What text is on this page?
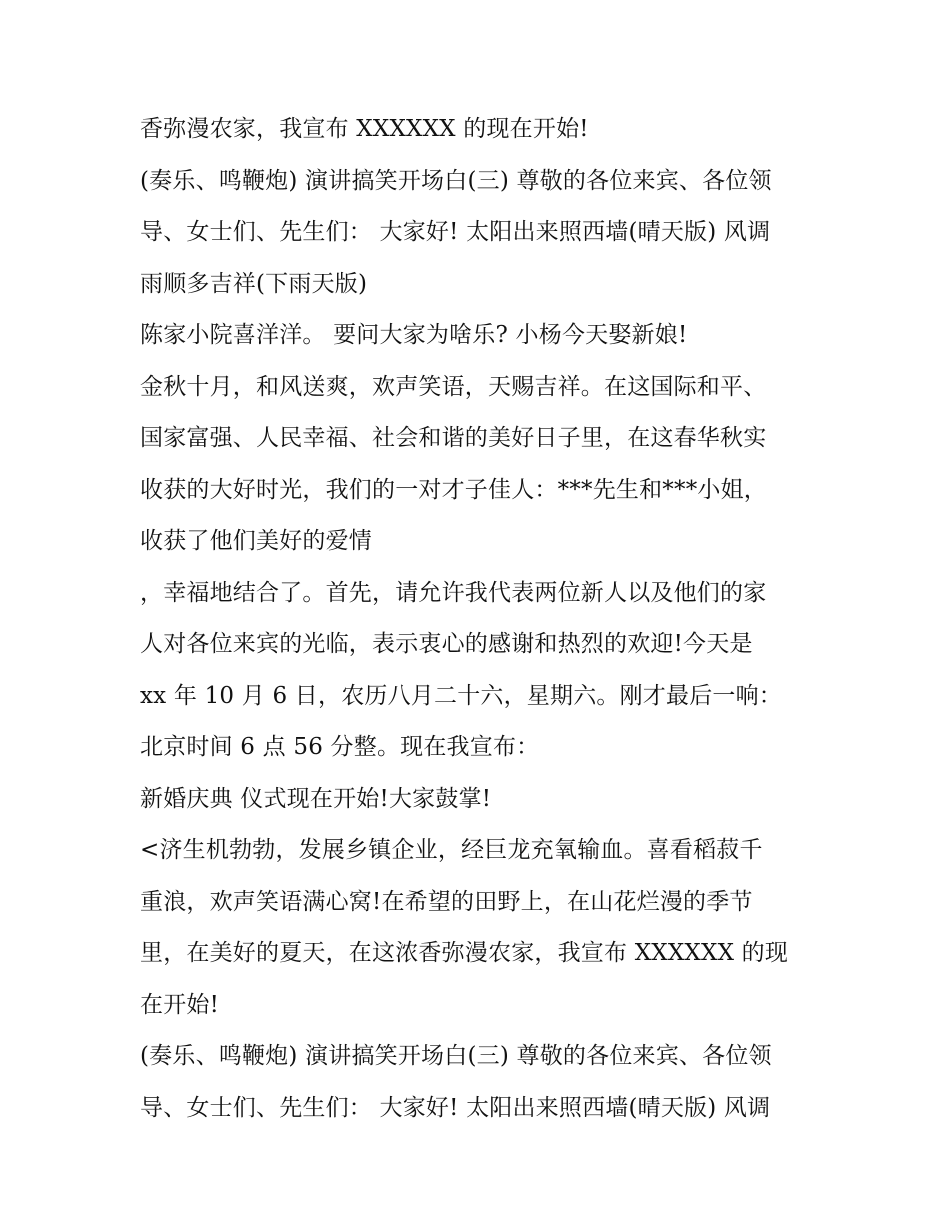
香弥漫农家，我宣布 XXXXXX 的现在开始!
(奏乐、鸣鞭炮) 演讲搞笑开场白(三) 尊敬的各位来宾、各位领
导、女士们、先生们： 大家好! 太阳出来照西墙(晴天版) 风调
雨顺多吉祥(下雨天版)
陈家小院喜洋洋。 要问大家为啥乐? 小杨今天娶新娘!
金秋十月，和风送爽，欢声笑语，天赐吉祥。在这国际和平、
国家富强、人民幸福、社会和谐的美好日子里，在这春华秋实
收获的大好时光，我们的一对才子佳人：***先生和***小姐，
收获了他们美好的爱情
，幸福地结合了。首先，请允许我代表两位新人以及他们的家
人对各位来宾的光临，表示衷心的感谢和热烈的欢迎!今天是
xx 年 10 月 6 日，农历八月二十六，星期六。刚才最后一响：
北京时间 6 点 56 分整。现在我宣布：
新婚庆典 仪式现在开始!大家鼓掌!
<济生机勃勃，发展乡镇企业，经巨龙充氧输血。喜看稻菽千
重浪，欢声笑语满心窝!在希望的田野上，在山花烂漫的季节
里，在美好的夏天，在这浓香弥漫农家，我宣布 XXXXXX 的现
在开始!
(奏乐、鸣鞭炮) 演讲搞笑开场白(三) 尊敬的各位来宾、各位领
导、女士们、先生们： 大家好! 太阳出来照西墙(晴天版) 风调
